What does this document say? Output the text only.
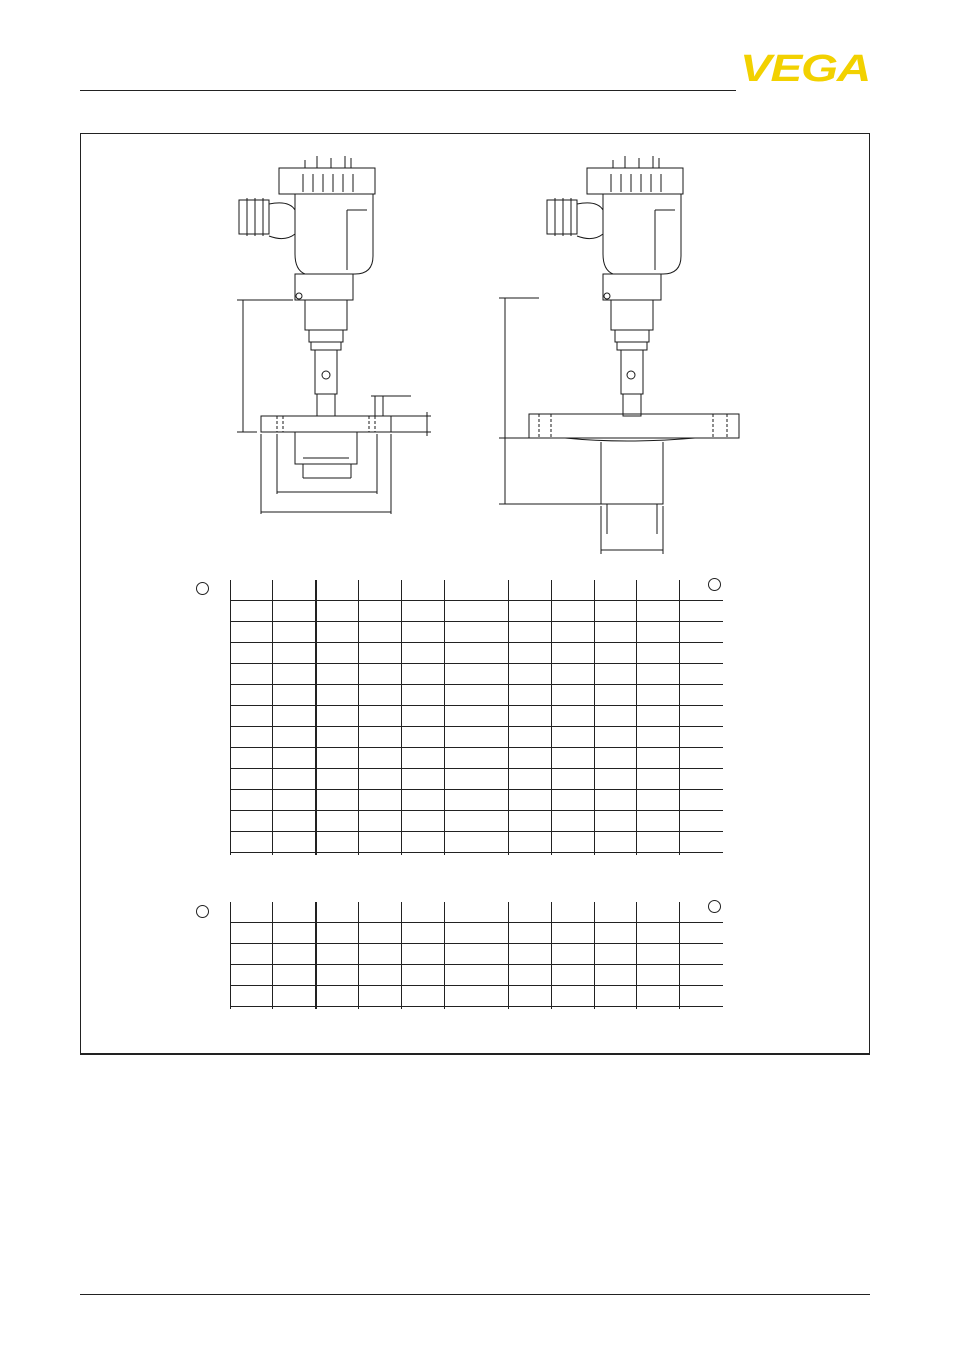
VEGA
